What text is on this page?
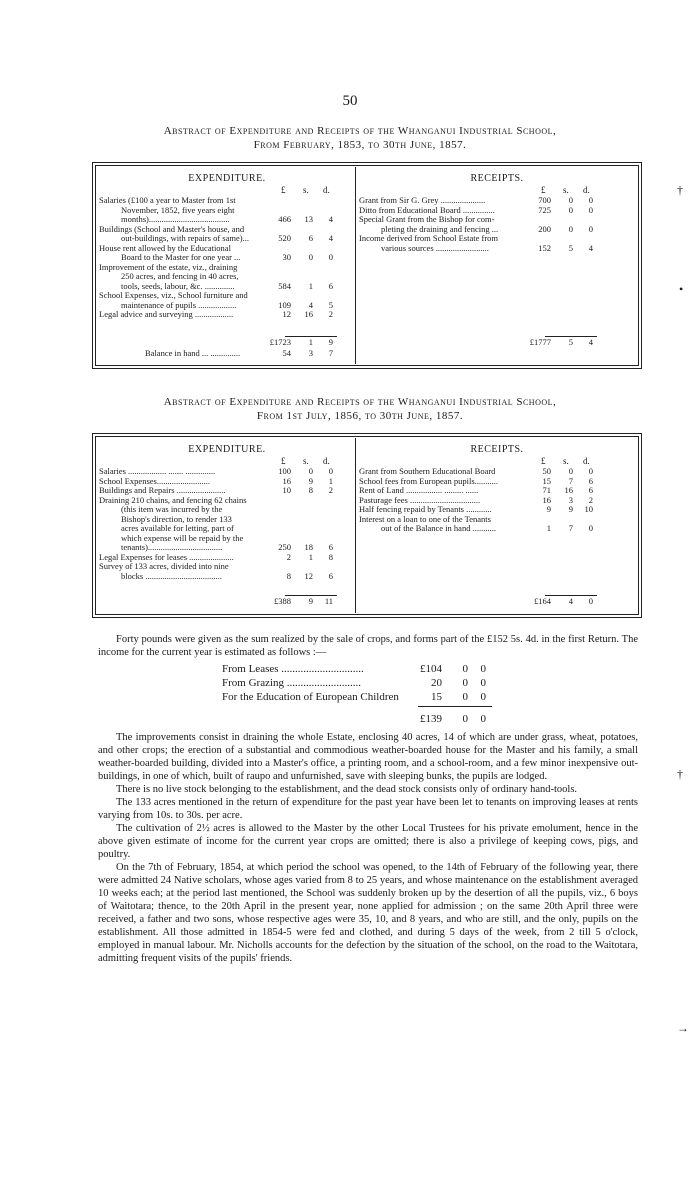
50
Abstract of Expenditure and Receipts of the Whanganui Industrial School,
From February, 1853, to 30th June, 1857.
EXPENDITURE.
£ s. d.
Salaries (£100 a year to Master from 1st
November, 1852, five years eight
months)......................................	466	13	4
Buildings (School and Master's house, and
out-buildings, with repairs of same)...	520	6	4
House rent allowed by the Educational
Board to the Master for one year ...	30	0	0
Improvement of the estate, viz., draining
250 acres, and fencing in 40 acres,
tools, seeds, labour, &c. ..............	584	1	6
School Expenses, viz., School furniture and
maintenance of pupils ..................	109	4	5
Legal advice and surveying ..................	12	16	2
£1723	1	9
Balance in hand ... ..............	54	3	7
RECEIPTS.
£ s. d.
Grant from Sir G. Grey .....................	700	0	0
Ditto from Educational Board ...............	725	0	0
Special Grant from the Bishop for com-
pleting the draining and fencing ...	200	0	0
Income derived from School Estate from
various sources .........................	152	5	4
£1777	5	4
Abstract of Expenditure and Receipts of the Whanganui Industrial School,
From 1st July, 1856, to 30th June, 1857.
EXPENDITURE.
£ s. d.
Salaries .................. ....... ..............	100	0	0
School Expenses.........................	16	9	1
Buildings and Repairs .......................	10	8	2
Draining 210 chains, and fencing 62 chains
(this item was incurred by the
Bishop's direction, to render 133
acres available for letting, part of
which expense will be repaid by the
tenants)...................................	250	18	6
Legal Expenses for leases .....................	2	1	8
Survey of 133 acres, divided into nine
blocks ....................................	8	12	6
£388	9	11
RECEIPTS.
£ s. d.
Grant from Southern Educational Board	50	0	0
School fees from European pupils...........	15	7	6
Rent of Land ................. ......... ......	71	16	6
Pasturage fees .................................	16	3	2
Half fencing repaid by Tenants ............	9	9	10
Interest on a loan to one of the Tenants
out of the Balance in hand ...........	1	7	0
£164	4	0

Forty pounds were given as the sum realized by the sale of crops, and forms part of the £152 5s. 4d. in the first Return. The income for the current year is estimated as follows :—

From Leases ..............................	£104	0	0
From Grazing ...........................	20	0	0
For the Education of European Children	15	0	0
£139	0	0

The improvements consist in draining the whole Estate, enclosing 40 acres, 14 of which are under grass, wheat, potatoes, and other crops; the erection of a substantial and commodious weather-boarded house for the Master and his family, a small weather-boarded building, divided into a Master's office, a printing room, and a school-room, and a few minor inexpensive out-buildings, in one of which, built of raupo and unfurnished, save with sleeping bunks, the pupils are lodged.

There is no live stock belonging to the establishment, and the dead stock consists only of ordinary hand-tools.

The 133 acres mentioned in the return of expenditure for the past year have been let to tenants on improving leases at rents varying from 10s. to 30s. per acre.

The cultivation of 2½ acres is allowed to the Master by the other Local Trustees for his private emolument, hence in the above given estimate of income for the current year crops are omitted; there is also a privilege of keeping cows, pigs, and poultry.

On the 7th of February, 1854, at which period the school was opened, to the 14th of February of the following year, there were admitted 24 Native scholars, whose ages varied from 8 to 25 years, and whose maintenance on the establishment averaged 10 weeks each; at the period last mentioned, the School was suddenly broken up by the desertion of all the pupils, viz., 6 boys of Waitotara; thence, to the 20th April in the present year, none applied for admission ; on the same 20th April three were received, a father and two sons, whose respective ages were 35, 10, and 8 years, and who are still, and the only, pupils on the establishment. All those admitted in 1854-5 were fed and clothed, and during 5 days of the week, from 2 till 5 o'clock, employed in manual labour. Mr. Nicholls accounts for the defection by the situation of the school, on the road to the Waitotara, admitting frequent visits of the pupils' friends.

†
•
†
→
